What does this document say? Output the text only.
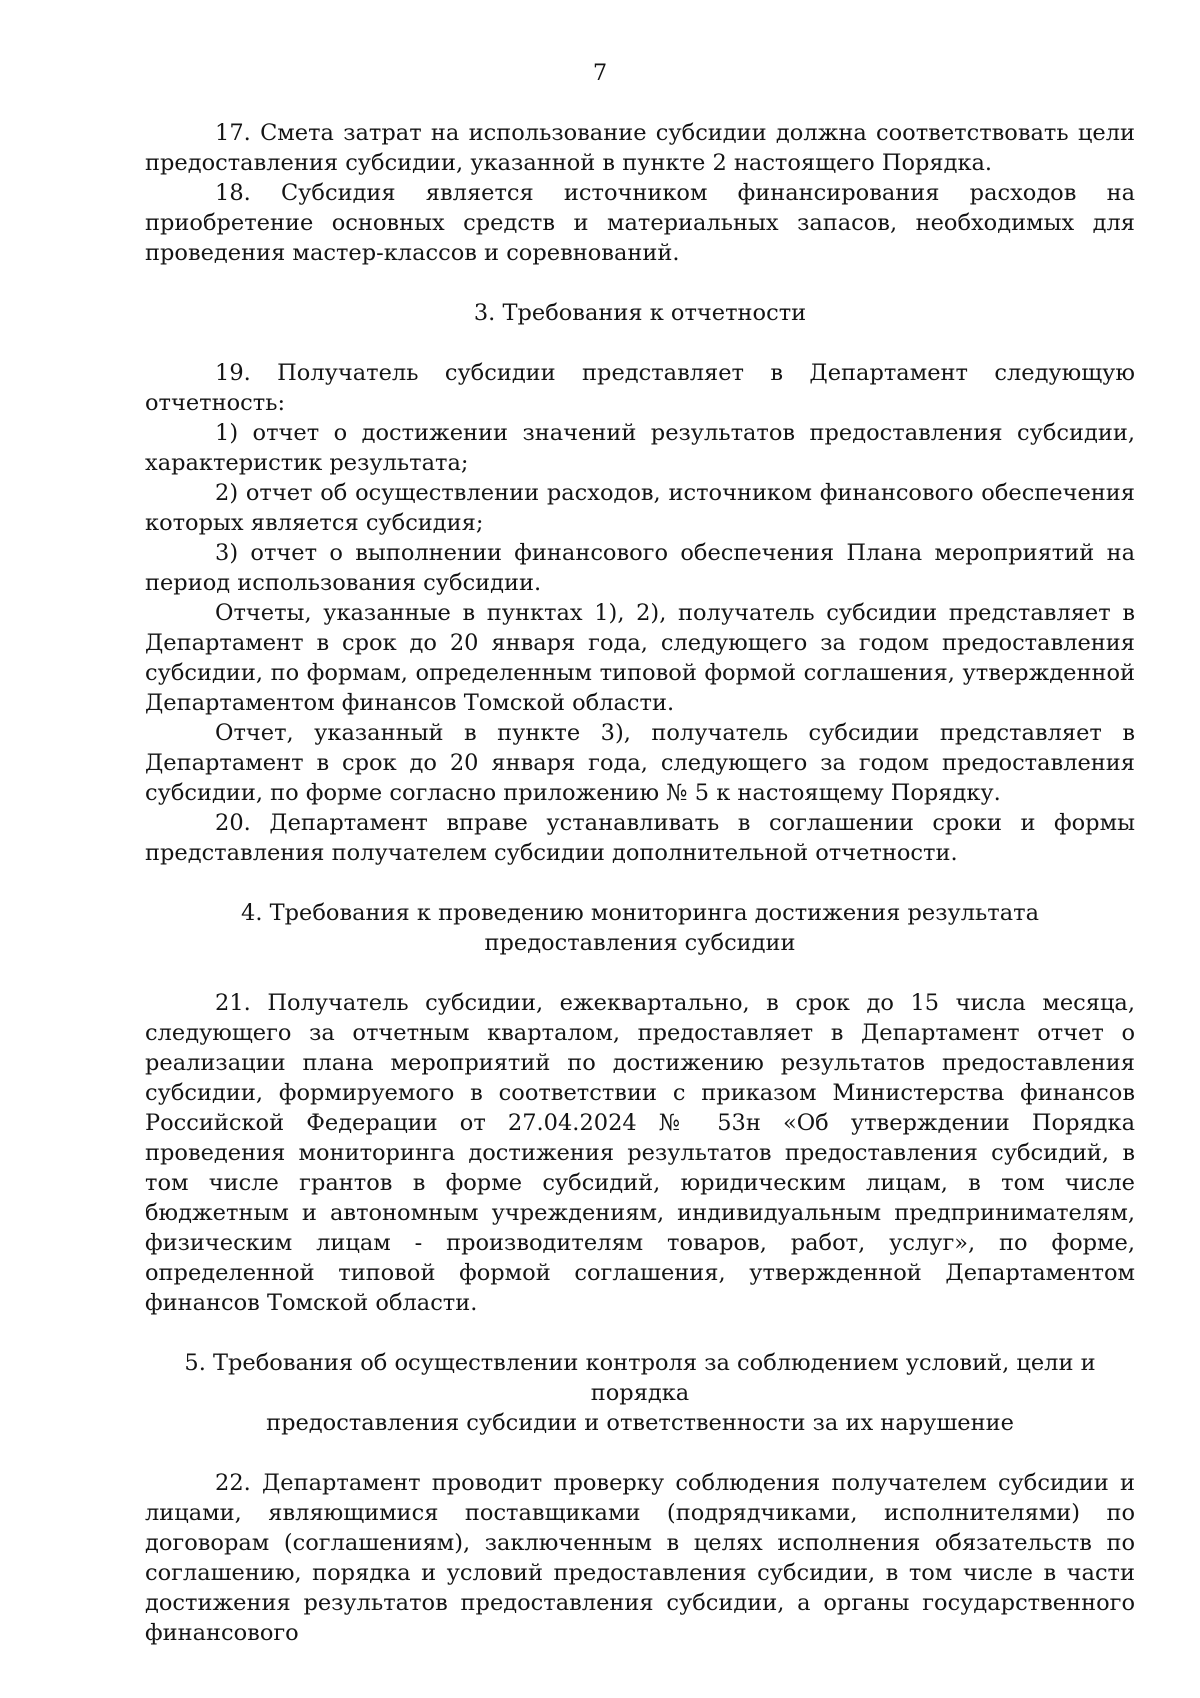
7

17. Смета затрат на использование субсидии должна соответствовать цели предоставления субсидии, указанной в пункте 2 настоящего Порядка.

18. Субсидия является источником финансирования расходов на приобретение основных средств и материальных запасов, необходимых для проведения мастер-классов и соревнований.

3. Требования к отчетности

19. Получатель субсидии представляет в Департамент следующую отчетность:

1) отчет о достижении значений результатов предоставления субсидии, характеристик результата;

2) отчет об осуществлении расходов, источником финансового обеспечения которых является субсидия;

3) отчет о выполнении финансового обеспечения Плана мероприятий на период использования субсидии.

Отчеты, указанные в пунктах 1), 2), получатель субсидии представляет в Департамент в срок до 20 января года, следующего за годом предоставления субсидии, по формам, определенным типовой формой соглашения, утвержденной Департаментом финансов Томской области.

Отчет, указанный в пункте 3), получатель субсидии представляет в Департамент в срок до 20 января года, следующего за годом предоставления субсидии, по форме согласно приложению № 5 к настоящему Порядку.

20. Департамент вправе устанавливать в соглашении сроки и формы представления получателем субсидии дополнительной отчетности.

4. Требования к проведению мониторинга достижения результата

предоставления субсидии

21. Получатель субсидии, ежеквартально, в срок до 15 числа месяца, следующего за отчетным кварталом, предоставляет в Департамент отчет о реализации плана мероприятий по достижению результатов предоставления субсидии, формируемого в соответствии с приказом Министерства финансов Российской Федерации от 27.04.2024 № 53н «Об утверждении Порядка проведения мониторинга достижения результатов предоставления субсидий, в том числе грантов в форме субсидий, юридическим лицам, в том числе бюджетным и автономным учреждениям, индивидуальным предпринимателям, физическим лицам - производителям товаров, работ, услуг», по форме, определенной типовой формой соглашения, утвержденной Департаментом финансов Томской области.

5. Требования об осуществлении контроля за соблюдением условий, цели и порядка

предоставления субсидии и ответственности за их нарушение

22. Департамент проводит проверку соблюдения получателем субсидии и лицами, являющимися поставщиками (подрядчиками, исполнителями) по договорам (соглашениям), заключенным в целях исполнения обязательств по соглашению, порядка и условий предоставления субсидии, в том числе в части достижения результатов предоставления субсидии, а органы государственного финансового
